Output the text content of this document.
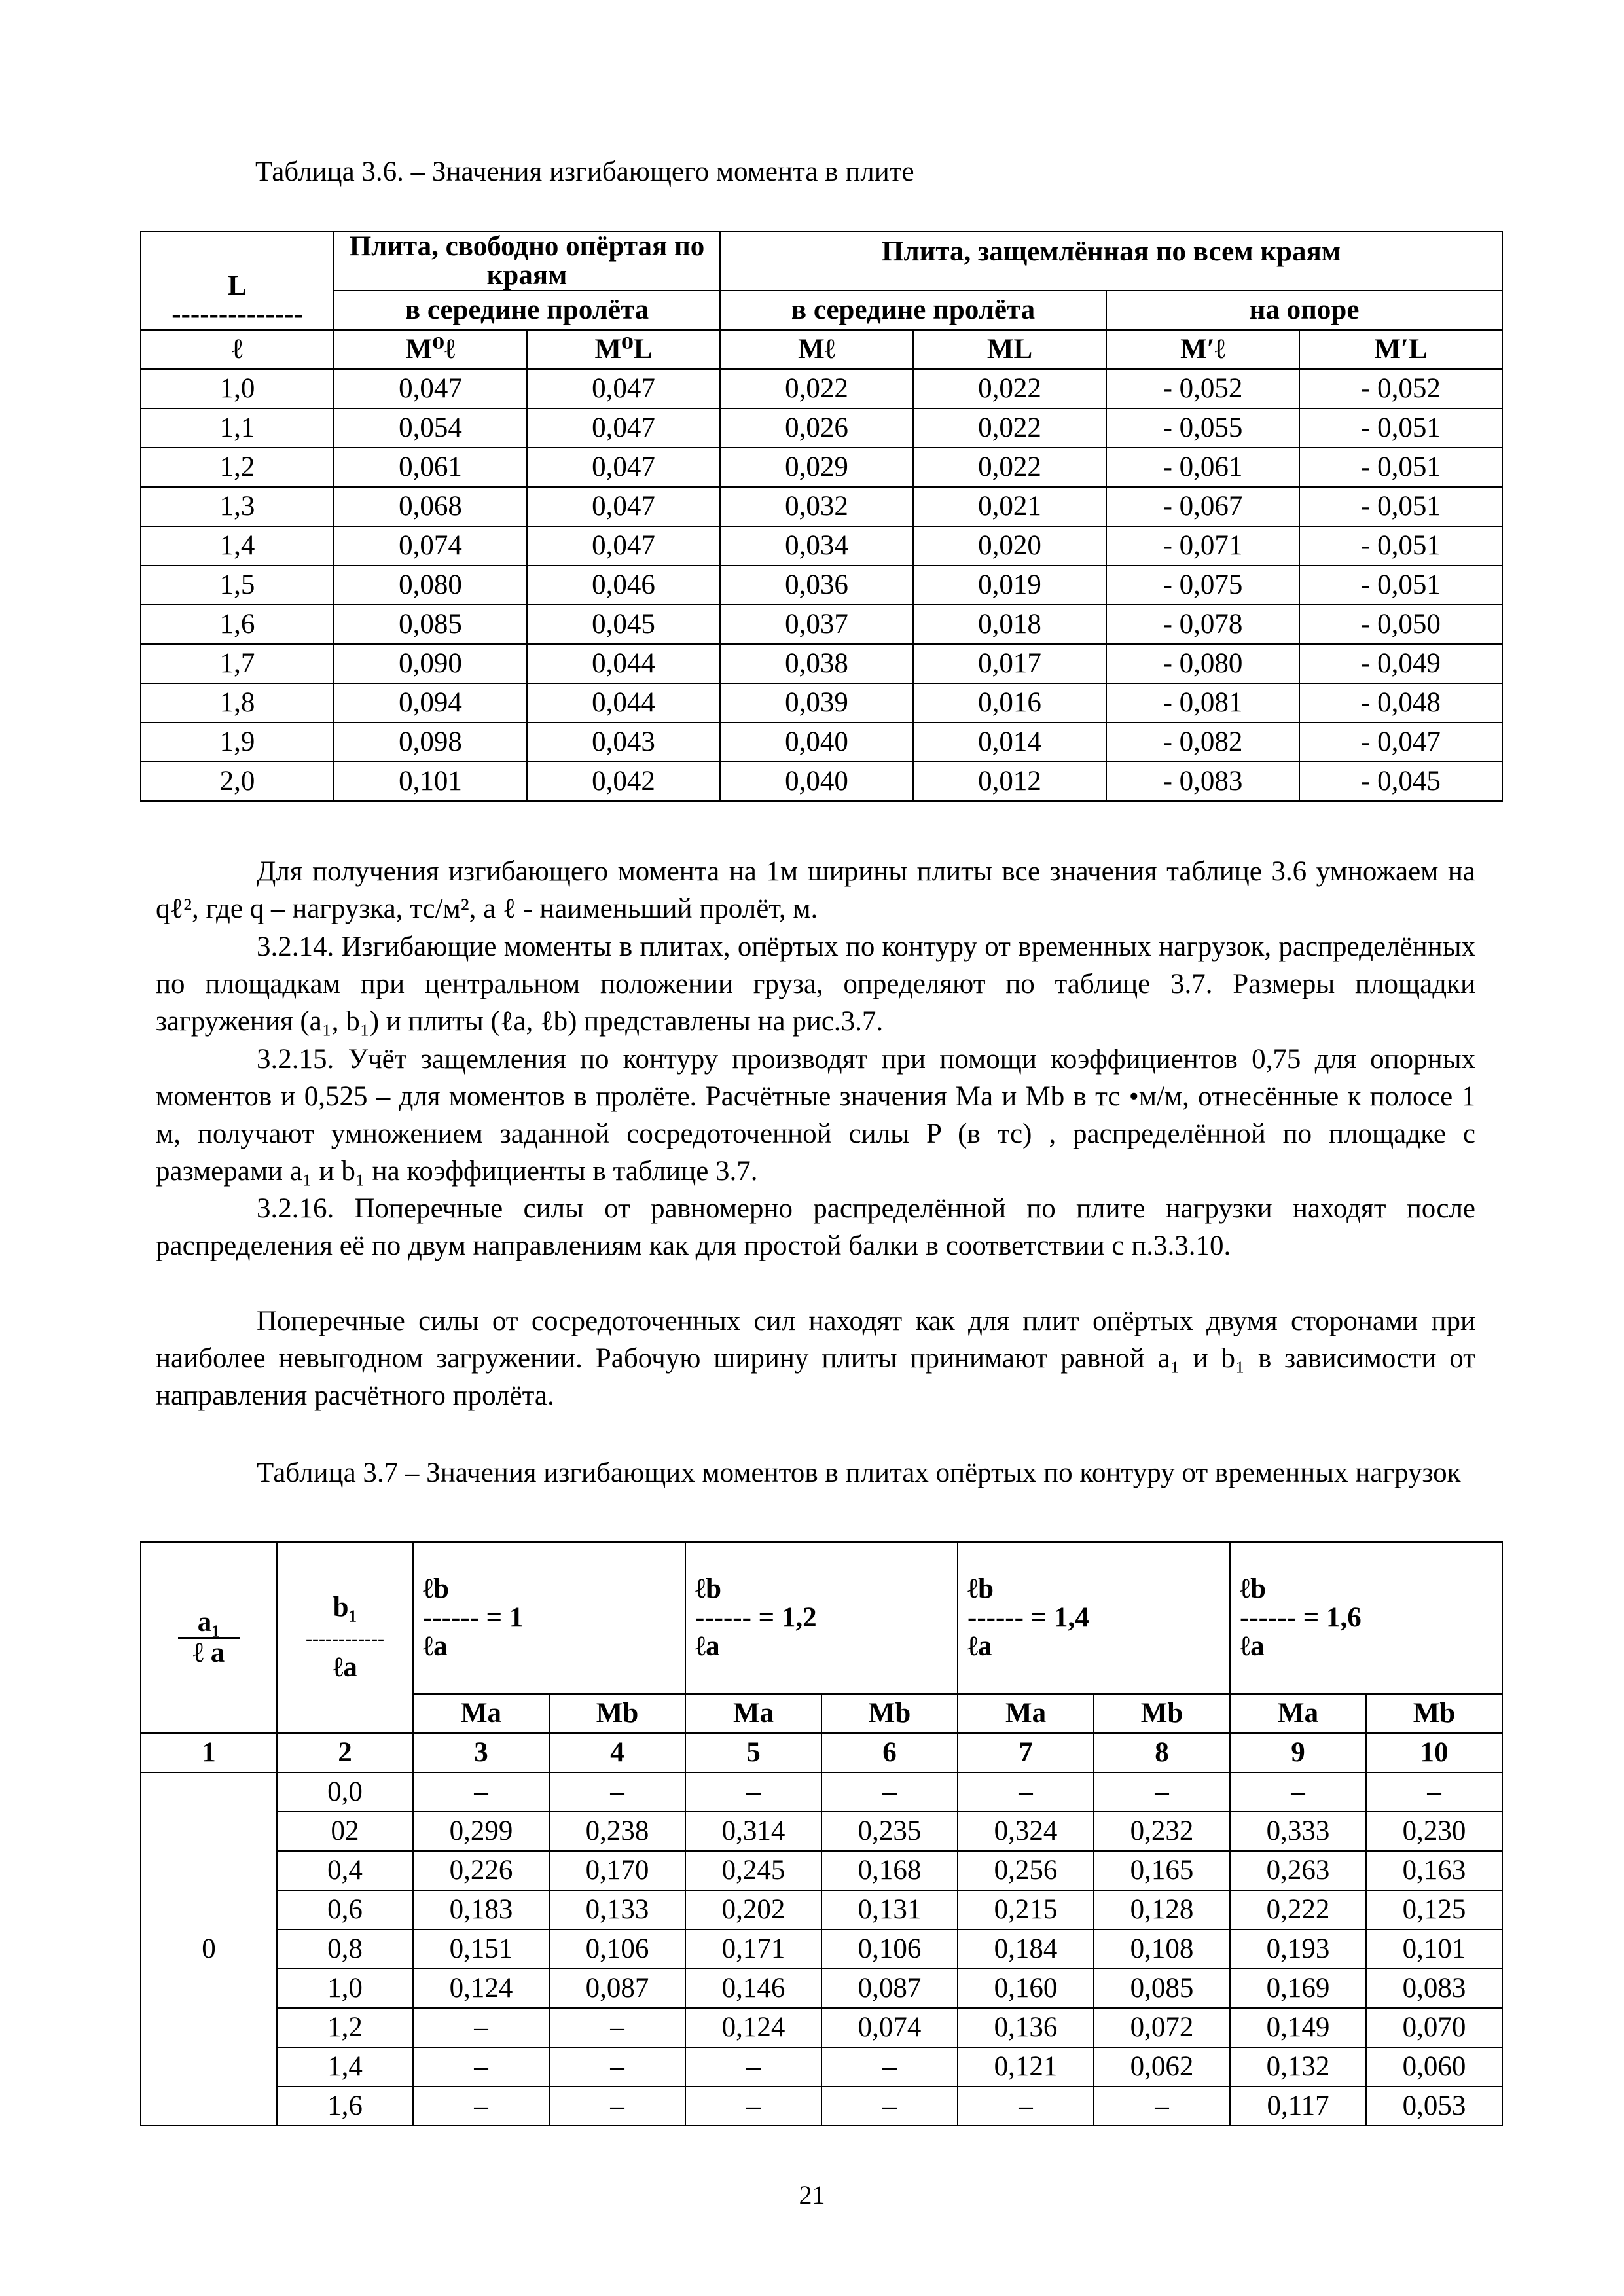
Таблица 3.6. – Значения изгибающего момента в плите
L
--------------	Плита, свободно опёртая по краям		Плита, защемлённая по всем краям			
	в середине пролёта		в середине пролёта		на опоре	
ℓ	M⁰ℓ	M⁰L	Mℓ	ML	M′ℓ	M′L
1,0	0,047	0,047	0,022	0,022	- 0,052	- 0,052
1,1	0,054	0,047	0,026	0,022	- 0,055	- 0,051
1,2	0,061	0,047	0,029	0,022	- 0,061	- 0,051
1,3	0,068	0,047	0,032	0,021	- 0,067	- 0,051
1,4	0,074	0,047	0,034	0,020	- 0,071	- 0,051
1,5	0,080	0,046	0,036	0,019	- 0,075	- 0,051
1,6	0,085	0,045	0,037	0,018	- 0,078	- 0,050
1,7	0,090	0,044	0,038	0,017	- 0,080	- 0,049
1,8	0,094	0,044	0,039	0,016	- 0,081	- 0,048
1,9	0,098	0,043	0,040	0,014	- 0,082	- 0,047
2,0	0,101	0,042	0,040	0,012	- 0,083	- 0,045
Для получения изгибающего момента на 1м ширины плиты все значения таблице 3.6 умножаем на qℓ², где q – нагрузка, тс/м², а ℓ - наименьший пролёт, м.
3.2.14. Изгибающие моменты в плитах, опёртых по контуру от временных нагрузок, распределённых по площадкам при центральном положении груза, определяют по таблице 3.7. Размеры площадки загружения (a₁, b₁) и плиты (ℓa, ℓb) представлены на рис.3.7.
3.2.15. Учёт защемления по контуру производят при помощи коэффициентов 0,75 для опорных моментов и 0,525 – для моментов в пролёте. Расчётные значения Ma и Mb в тс •м/м, отнесённые к полосе 1 м, получают умножением заданной сосредоточенной силы P (в тс) , распределённой по площадке с размерами a₁ и b₁ на коэффициенты в таблице 3.7.
3.2.16. Поперечные силы от равномерно распределённой по плите нагрузки находят после распределения её по двум направлениям как для простой балки в соответствии с п.3.3.10.
Поперечные силы от сосредоточенных сил находят как для плит опёртых двумя сторонами при наиболее невыгодном загружении. Рабочую ширину плиты принимают равной a₁ и b₁ в зависимости от направления расчётного пролёта.
Таблица 3.7 – Значения изгибающих моментов в плитах опёртых по контуру от временных нагрузок
a₁
ℓ a	b₁
------------
ℓa	ℓb
------ = 1
ℓa		ℓb
------ = 1,2
ℓa		ℓb
------ = 1,4
ℓa		ℓb
------ = 1,6
ℓa	

		Ma	Mb	Ma	Mb	Ma	Mb	Ma	Mb
1	2	3	4	5	6	7	8	9	10
0	0,0	–	–	–	–	–	–	–	–
	02	0,299	0,238	0,314	0,235	0,324	0,232	0,333	0,230
	0,4	0,226	0,170	0,245	0,168	0,256	0,165	0,263	0,163
	0,6	0,183	0,133	0,202	0,131	0,215	0,128	0,222	0,125
	0,8	0,151	0,106	0,171	0,106	0,184	0,108	0,193	0,101
	1,0	0,124	0,087	0,146	0,087	0,160	0,085	0,169	0,083
	1,2	–	–	0,124	0,074	0,136	0,072	0,149	0,070
	1,4	–	–	–	–	0,121	0,062	0,132	0,060
	1,6	–	–	–	–	–	–	0,117	0,053
21
